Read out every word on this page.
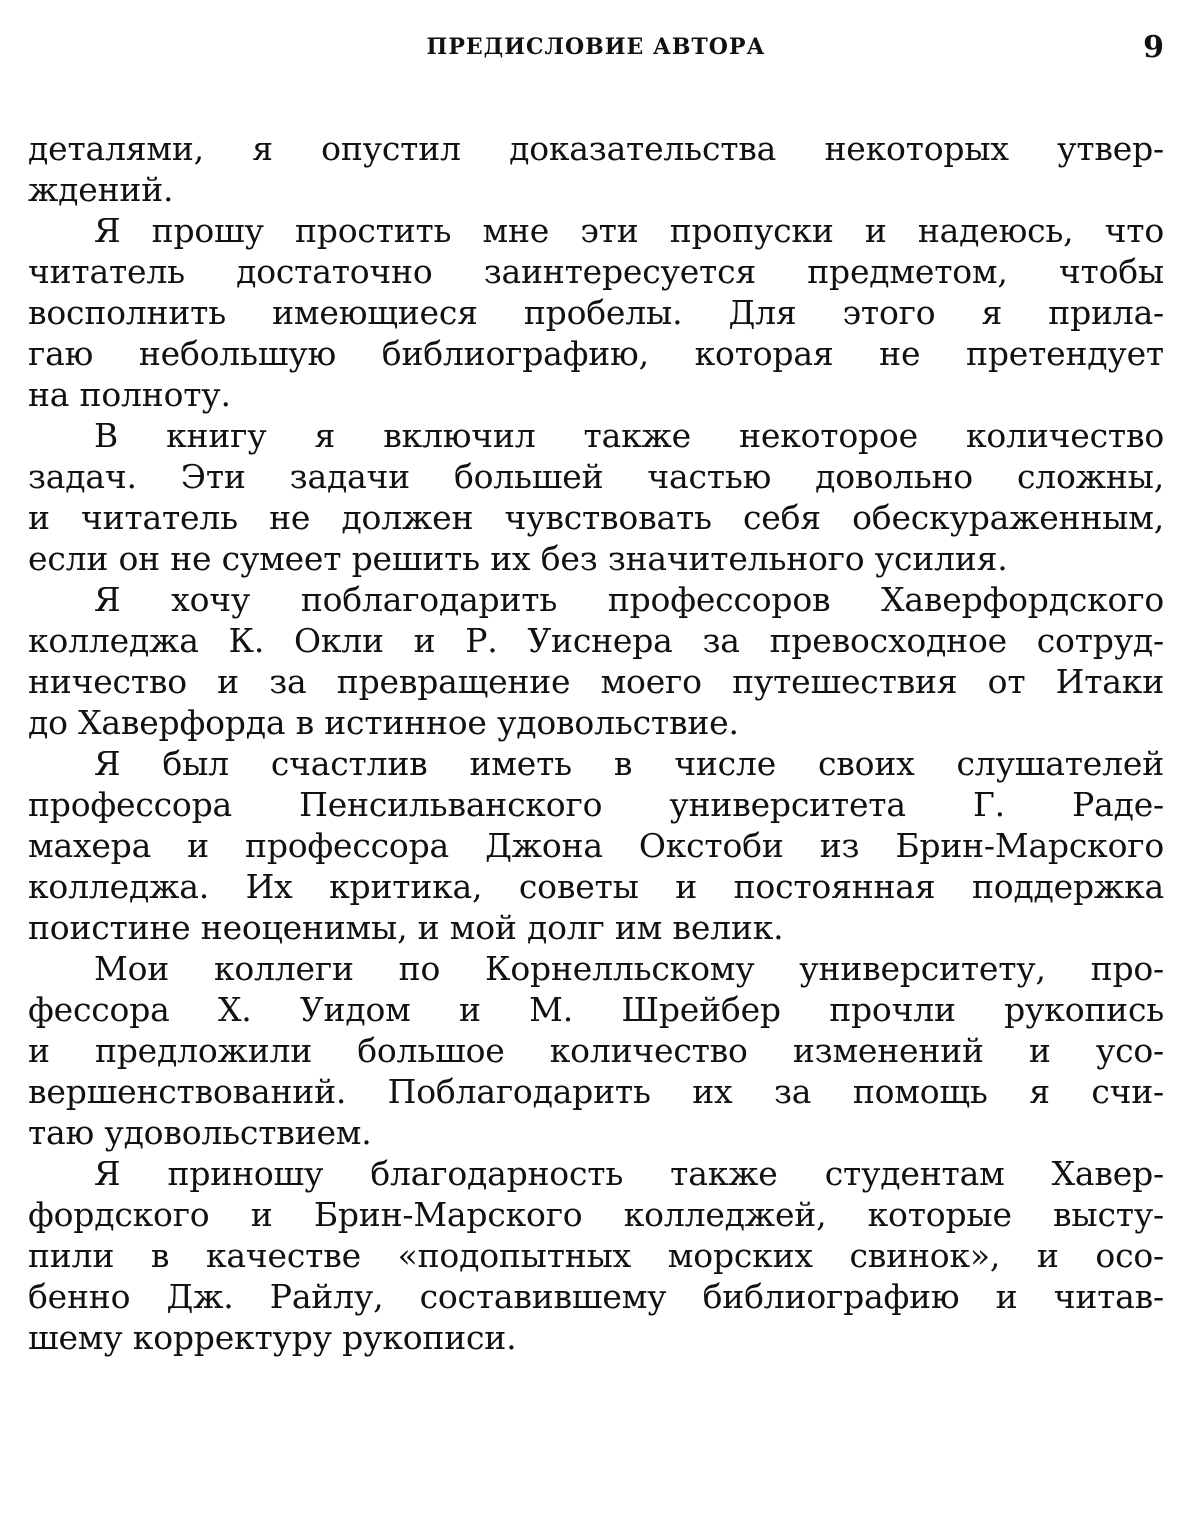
ПРЕДИСЛОВИЕ АВТОРА	9
деталями, я опустил доказательства некоторых утвер-
ждений.
Я прошу простить мне эти пропуски и надеюсь, что
читатель достаточно заинтересуется предметом, чтобы
восполнить имеющиеся пробелы. Для этого я прила-
гаю небольшую библиографию, которая не претендует
на полноту.
В книгу я включил также некоторое количество
задач. Эти задачи большей частью довольно сложны,
и читатель не должен чувствовать себя обескураженным,
если он не сумеет решить их без значительного усилия.
Я хочу поблагодарить профессоров Хаверфордского
колледжа К. Окли и Р. Уиснера за превосходное сотруд-
ничество и за превращение моего путешествия от Итаки
до Хаверфорда в истинное удовольствие.
Я был счастлив иметь в числе своих слушателей
профессора Пенсильванского университета Г. Раде-
махера и профессора Джона Окстоби из Брин-Марского
колледжа. Их критика, советы и постоянная поддержка
поистине неоценимы, и мой долг им велик.
Мои коллеги по Корнелльскому университету, про-
фессора X. Уидом и М. Шрейбер прочли рукопись
и предложили большое количество изменений и усо-
вершенствований. Поблагодарить их за помощь я счи-
таю удовольствием.
Я приношу благодарность также студентам Хавер-
фордского и Брин-Марского колледжей, которые высту-
пили в качестве «подопытных морских свинок», и осо-
бенно Дж. Райлу, составившему библиографию и читав-
шему корректуру рукописи.
